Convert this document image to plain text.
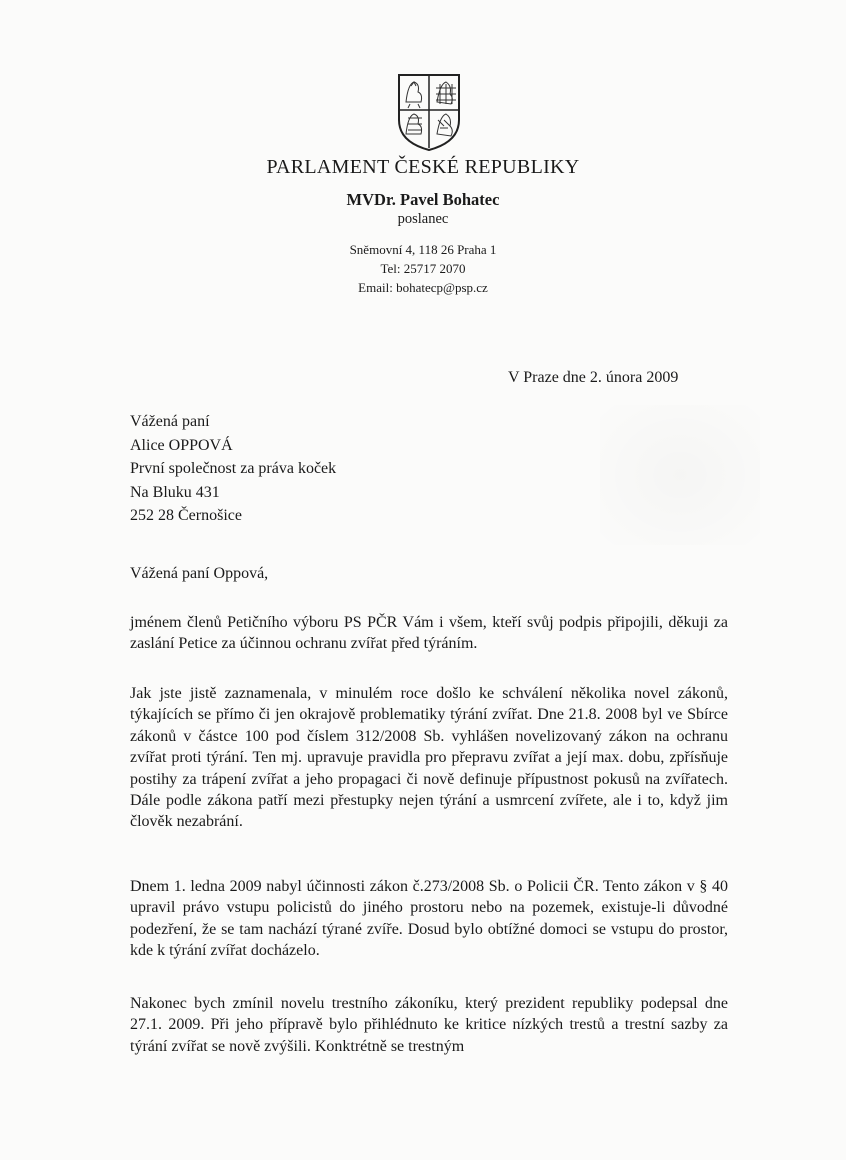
PARLAMENT ČESKÉ REPUBLIKY
MVDr. Pavel Bohatec
poslanec
Sněmovní 4, 118 26 Praha 1
Tel: 25717 2070
Email: bohatecp@psp.cz
V Praze dne 2. února 2009
Vážená paní
Alice OPPOVÁ
První společnost za práva koček
Na Bluku 431
252 28 Černošice
Vážená paní Oppová,
jménem členů Petičního výboru PS PČR Vám i všem, kteří svůj podpis připojili, děkuji za zaslání Petice za účinnou ochranu zvířat před týráním.
Jak jste jistě zaznamenala, v minulém roce došlo ke schválení několika novel zákonů, týkajících se přímo či jen okrajově problematiky týrání zvířat. Dne 21.8. 2008 byl ve Sbírce zákonů v částce 100 pod číslem 312/2008 Sb. vyhlášen novelizovaný zákon na ochranu zvířat proti týrání. Ten mj. upravuje pravidla pro přepravu zvířat a její max. dobu, zpřísňuje postihy za trápení zvířat a jeho propagaci či nově definuje přípustnost pokusů na zvířatech. Dále podle zákona patří mezi přestupky nejen týrání a usmrcení zvířete, ale i to, když jim člověk nezabrání.
Dnem 1. ledna 2009 nabyl účinnosti zákon č.273/2008 Sb. o Policii ČR. Tento zákon v § 40 upravil právo vstupu policistů do jiného prostoru nebo na pozemek, existuje-li důvodné podezření, že se tam nachází týrané zvíře. Dosud bylo obtížné domoci se vstupu do prostor, kde k týrání zvířat docházelo.
Nakonec bych zmínil novelu trestního zákoníku, který prezident republiky podepsal dne 27.1. 2009. Při jeho přípravě bylo přihlédnuto ke kritice nízkých trestů a trestní sazby za týrání zvířat se nově zvýšili. Konktrétně se trestným
